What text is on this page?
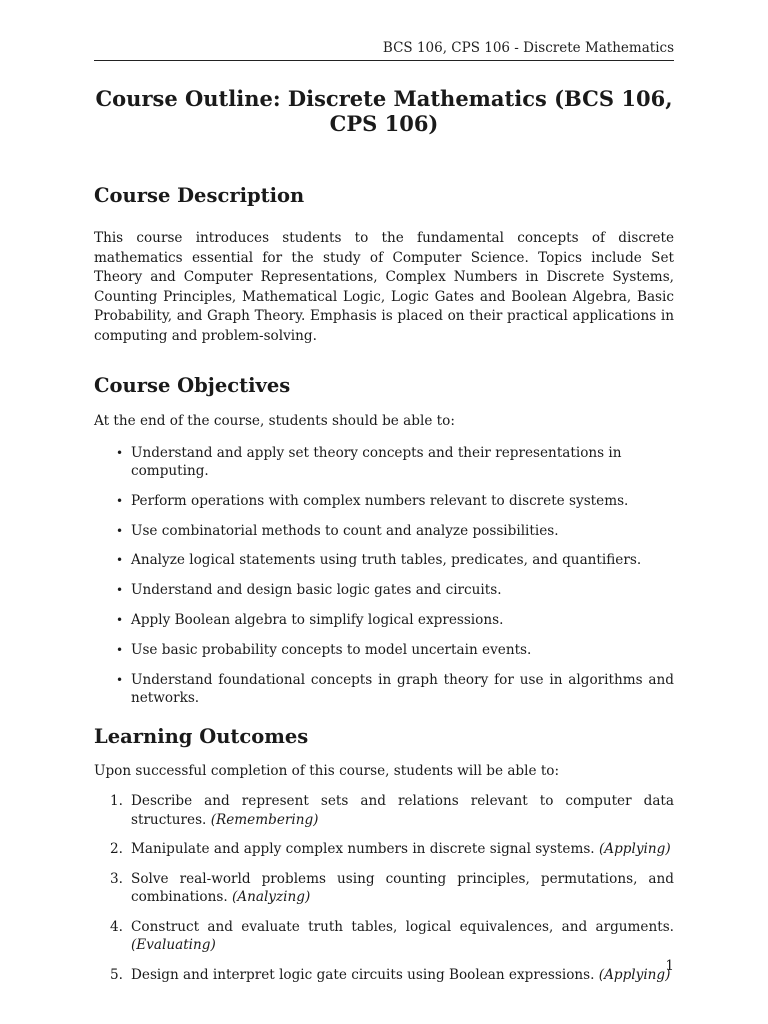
BCS 106, CPS 106 - Discrete Mathematics
Course Outline: Discrete Mathematics (BCS 106,
CPS 106)
Course Description

This course introduces students to the fundamental concepts of discrete mathematics essential for the study of Computer Science. Topics include Set Theory and Computer Representations, Complex Numbers in Discrete Systems, Counting Principles, Mathematical Logic, Logic Gates and Boolean Algebra, Basic Probability, and Graph Theory. Emphasis is placed on their practical applications in computing and problem-solving.

Course Objectives

At the end of the course, students should be able to:

• Understand and apply set theory concepts and their representations in computing.
• Perform operations with complex numbers relevant to discrete systems.
• Use combinatorial methods to count and analyze possibilities.
• Analyze logical statements using truth tables, predicates, and quantifiers.
• Understand and design basic logic gates and circuits.
• Apply Boolean algebra to simplify logical expressions.
• Use basic probability concepts to model uncertain events.
• Understand foundational concepts in graph theory for use in algorithms and networks.
Learning Outcomes

Upon successful completion of this course, students will be able to:

1. Describe and represent sets and relations relevant to computer data structures. (Remembering)
2. Manipulate and apply complex numbers in discrete signal systems. (Applying)
3. Solve real-world problems using counting principles, permutations, and combinations. (Analyzing)
4. Construct and evaluate truth tables, logical equivalences, and arguments. (Evaluating)
5. Design and interpret logic gate circuits using Boolean expressions. (Applying)
1
